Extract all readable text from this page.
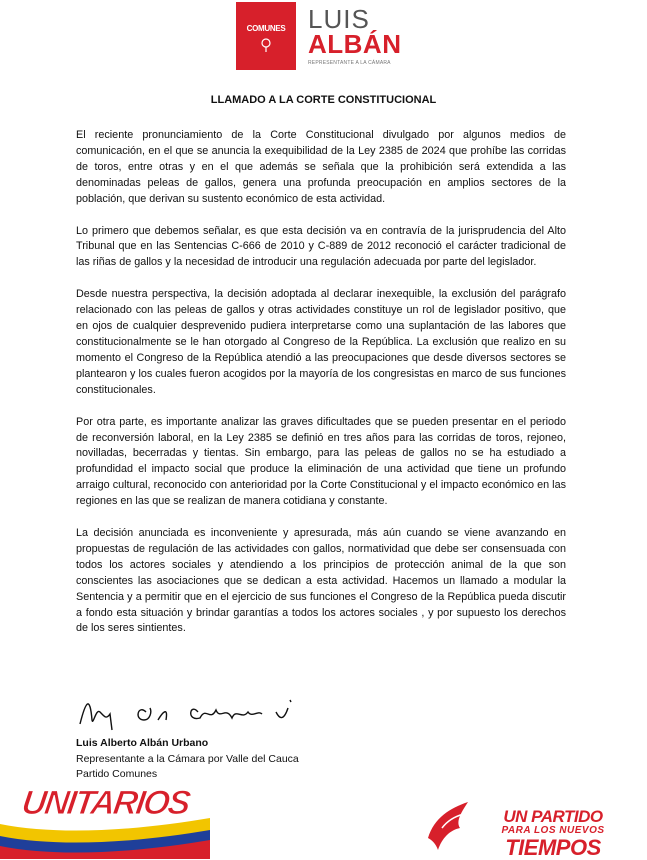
COMUNES LUIS
ALBÁN
REPRESENTANTE A LA CÁMARA
LLAMADO A LA CORTE CONSTITUCIONAL

El reciente pronunciamiento de la Corte Constitucional divulgado por algunos medios de comunicación, en el que se anuncia la exequibilidad de la Ley 2385 de 2024 que prohíbe las corridas de toros, entre otras y en el que además se señala que la prohibición será extendida a las denominadas peleas de gallos, genera una profunda preocupación en amplios sectores de la población, que derivan su sustento económico de esta actividad.

Lo primero que debemos señalar, es que esta decisión va en contravía de la jurisprudencia del Alto Tribunal que en las Sentencias C-666 de 2010 y C-889 de 2012 reconoció el carácter tradicional de las riñas de gallos y la necesidad de introducir una regulación adecuada por parte del legislador.

Desde nuestra perspectiva, la decisión adoptada al declarar inexequible, la exclusión del parágrafo relacionado con las peleas de gallos y otras actividades constituye un rol de legislador positivo, que en ojos de cualquier desprevenido pudiera interpretarse como una suplantación de las labores que constitucionalmente se le han otorgado al Congreso de la República. La exclusión que realizo en su momento el Congreso de la República atendió a las preocupaciones que desde diversos sectores se plantearon y los cuales fueron acogidos por la mayoría de los congresistas en marco de sus funciones constitucionales.

Por otra parte, es importante analizar las graves dificultades que se pueden presentar en el periodo de reconversión laboral, en la Ley 2385 se definió en tres años para las corridas de toros, rejoneo, novilladas, becerradas y tientas. Sin embargo, para las peleas de gallos no se ha estudiado a profundidad el impacto social que produce la eliminación de una actividad que tiene un profundo arraigo cultural, reconocido con anterioridad por la Corte Constitucional y el impacto económico en las regiones en las que se realizan de manera cotidiana y constante.

La decisión anunciada es inconveniente y apresurada, más aún cuando se viene avanzando en propuestas de regulación de las actividades con gallos, normatividad que debe ser consensuada con todos los actores sociales y atendiendo a los principios de protección animal de la que son conscientes las asociaciones que se dedican a esta actividad. Hacemos un llamado a modular la Sentencia y a permitir que en el ejercicio de sus funciones el Congreso de la República pueda discutir a fondo esta situación y brindar garantías a todos los actores sociales , y por supuesto los derechos de los seres sintientes.

Luis Alberto Albán Urbano
Representante a la Cámara por Valle del Cauca
Partido Comunes
UNITARIOS	UN PARTIDO
PARA LOS NUEVOS
TIEMPOS
